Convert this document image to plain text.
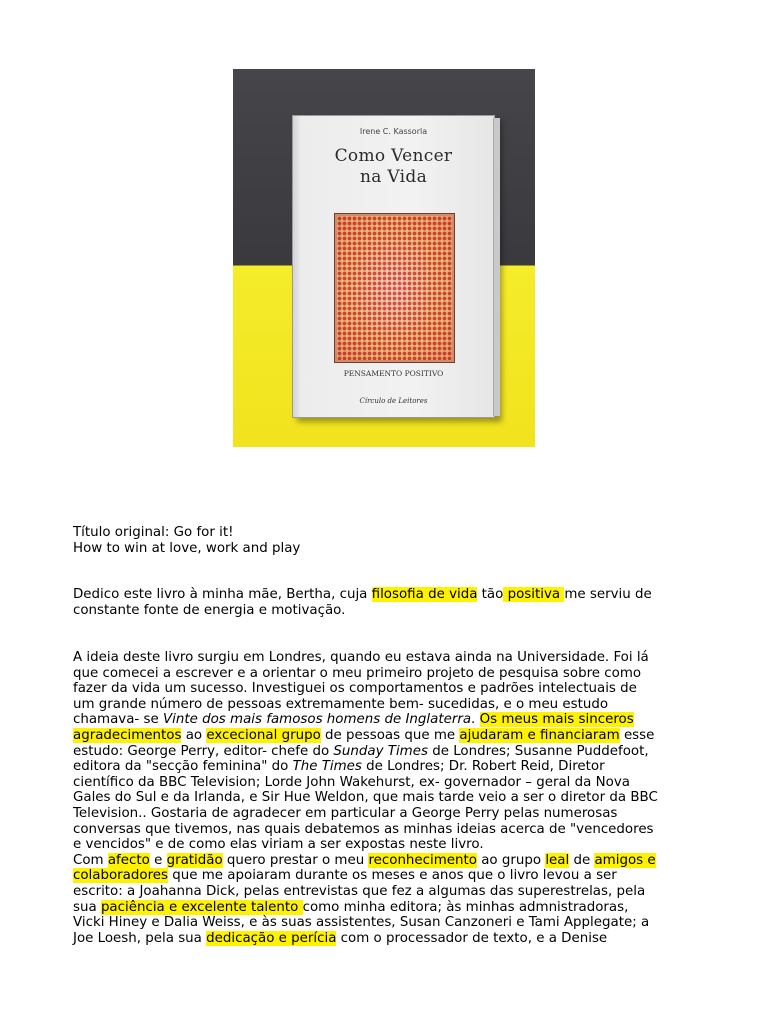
Irene C. Kassorla
Como Vencer
na Vida
PENSAMENTO POSITIVO
Círculo de Leitores
Título original: Go for it!
How to win at love, work and play
Dedico este livro à minha mãe, Bertha, cuja filosofia de vida tão positiva me serviu de
constante fonte de energia e motivação.
A ideia deste livro surgiu em Londres, quando eu estava ainda na Universidade. Foi lá
que comecei a escrever e a orientar o meu primeiro projeto de pesquisa sobre como
fazer da vida um sucesso. Investiguei os comportamentos e padrões intelectuais de
um grande número de pessoas extremamente bem- sucedidas, e o meu estudo
chamava- se Vinte dos mais famosos homens de Inglaterra. Os meus mais sinceros
agradecimentos ao excecional grupo de pessoas que me ajudaram e financiaram esse
estudo: George Perry, editor- chefe do Sunday Times de Londres; Susanne Puddefoot,
editora da "secção feminina" do The Times de Londres; Dr. Robert Reid, Diretor
científico da BBC Television; Lorde John Wakehurst, ex- governador – geral da Nova
Gales do Sul e da Irlanda, e Sir Hue Weldon, que mais tarde veio a ser o diretor da BBC
Television.. Gostaria de agradecer em particular a George Perry pelas numerosas
conversas que tivemos, nas quais debatemos as minhas ideias acerca de "vencedores
e vencidos" e de como elas viriam a ser expostas neste livro.
Com afecto e gratidão quero prestar o meu reconhecimento ao grupo leal de amigos e
colaboradores que me apoiaram durante os meses e anos que o livro levou a ser
escrito: a Joahanna Dick, pelas entrevistas que fez a algumas das superestrelas, pela
sua paciência e excelente talento como minha editora; às minhas admnistradoras,
Vicki Hiney e Dalia Weiss, e às suas assistentes, Susan Canzoneri e Tami Applegate; a
Joe Loesh, pela sua dedicação e perícia com o processador de texto, e a Denise
